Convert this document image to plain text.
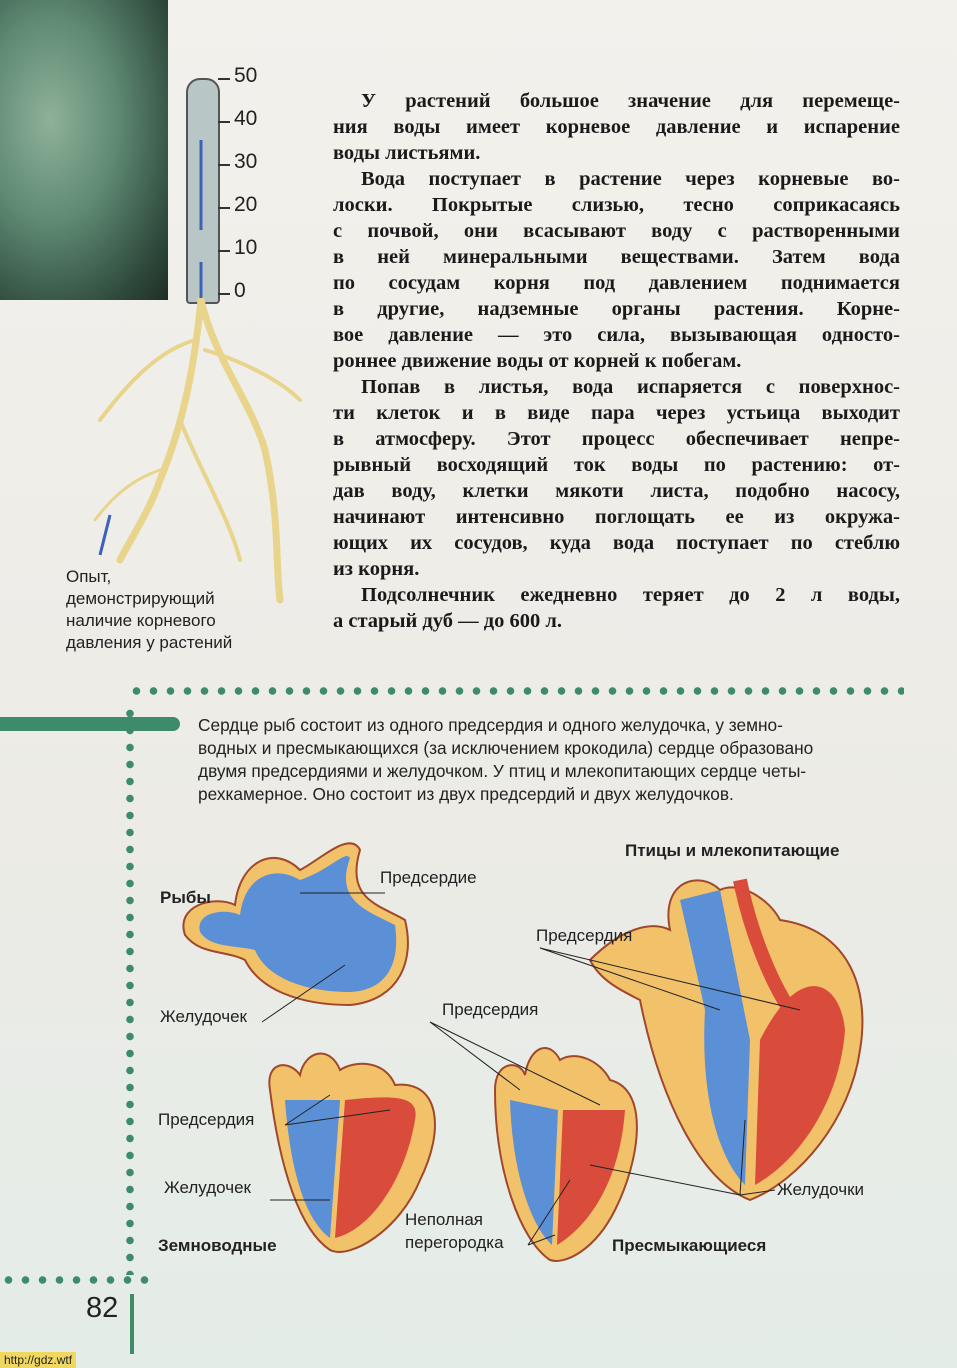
50
40
30
20
10
0
Опыт,
демонстрирующий
наличие корневого
давления у растений
У растений большое значение для перемеще-
ния воды имеет корневое давление и испарение
воды листьями.
Вода поступает в растение через корневые во-
лоски. Покрытые слизью, тесно соприкасаясь
с почвой, они всасывают воду с растворенными
в ней минеральными веществами. Затем вода
по сосудам корня под давлением поднимается
в другие, надземные органы растения. Корне-
вое давление — это сила, вызывающая односто-
роннее движение воды от корней к побегам.
Попав в листья, вода испаряется с поверхнос-
ти клеток и в виде пара через устьица выходит
в атмосферу. Этот процесс обеспечивает непре-
рывный восходящий ток воды по растению: от-
дав воду, клетки мякоти листа, подобно насосу,
начинают интенсивно поглощать ее из окружа-
ющих их сосудов, куда вода поступает по стеблю
из корня.
Подсолнечник ежедневно теряет до 2 л воды,
а старый дуб — до 600 л.
Сердце рыб состоит из одного предсердия и одного желудочка, у земно-
водных и пресмыкающихся (за исключением крокодила) сердце образовано
двумя предсердиями и желудочком. У птиц и млекопитающих сердце четы-
рехкамерное. Оно состоит из двух предсердий и двух желудочков.
Рыбы
Предсердие
Желудочек
Птицы и млекопитающие
Предсердия
Желудочки
Предсердия
Неполная
перегородка	Пресмыкающиеся
Предсердия
Желудочек
Земноводные
82
http://gdz.wtf
